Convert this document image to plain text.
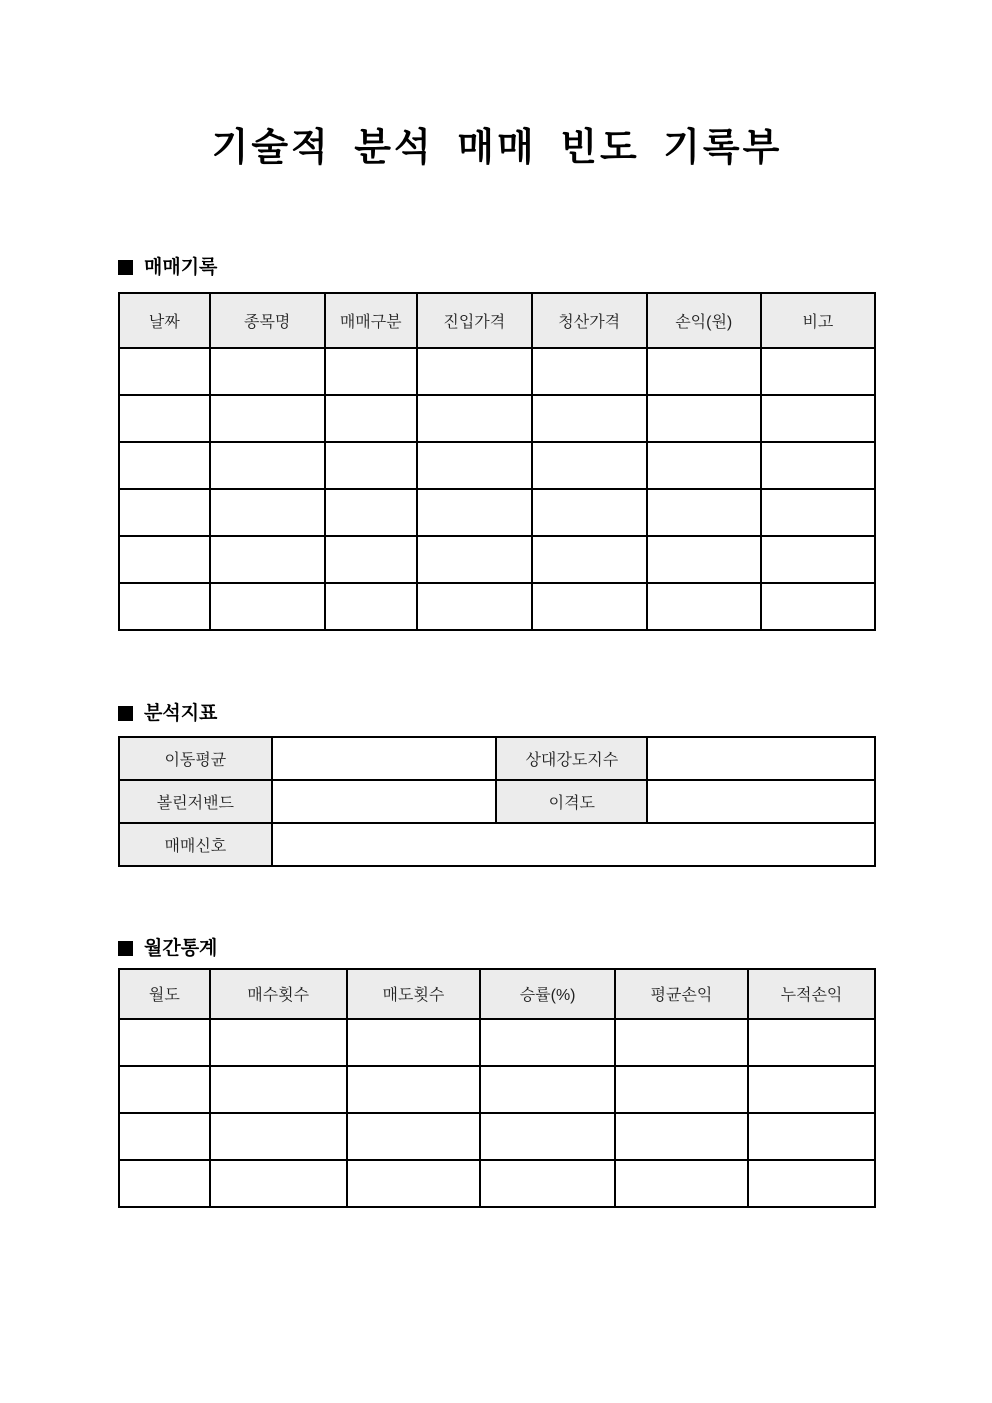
기술적 분석 매매 빈도 기록부
매매기록
날짜	종목명	매매구분	진입가격	청산가격	손익(원)	비고

분석지표
이동평균		상대강도지수	
볼린저밴드		이격도	
매매신호			
월간통계
월도	매수횟수	매도횟수	승률(%)	평균손익	누적손익
